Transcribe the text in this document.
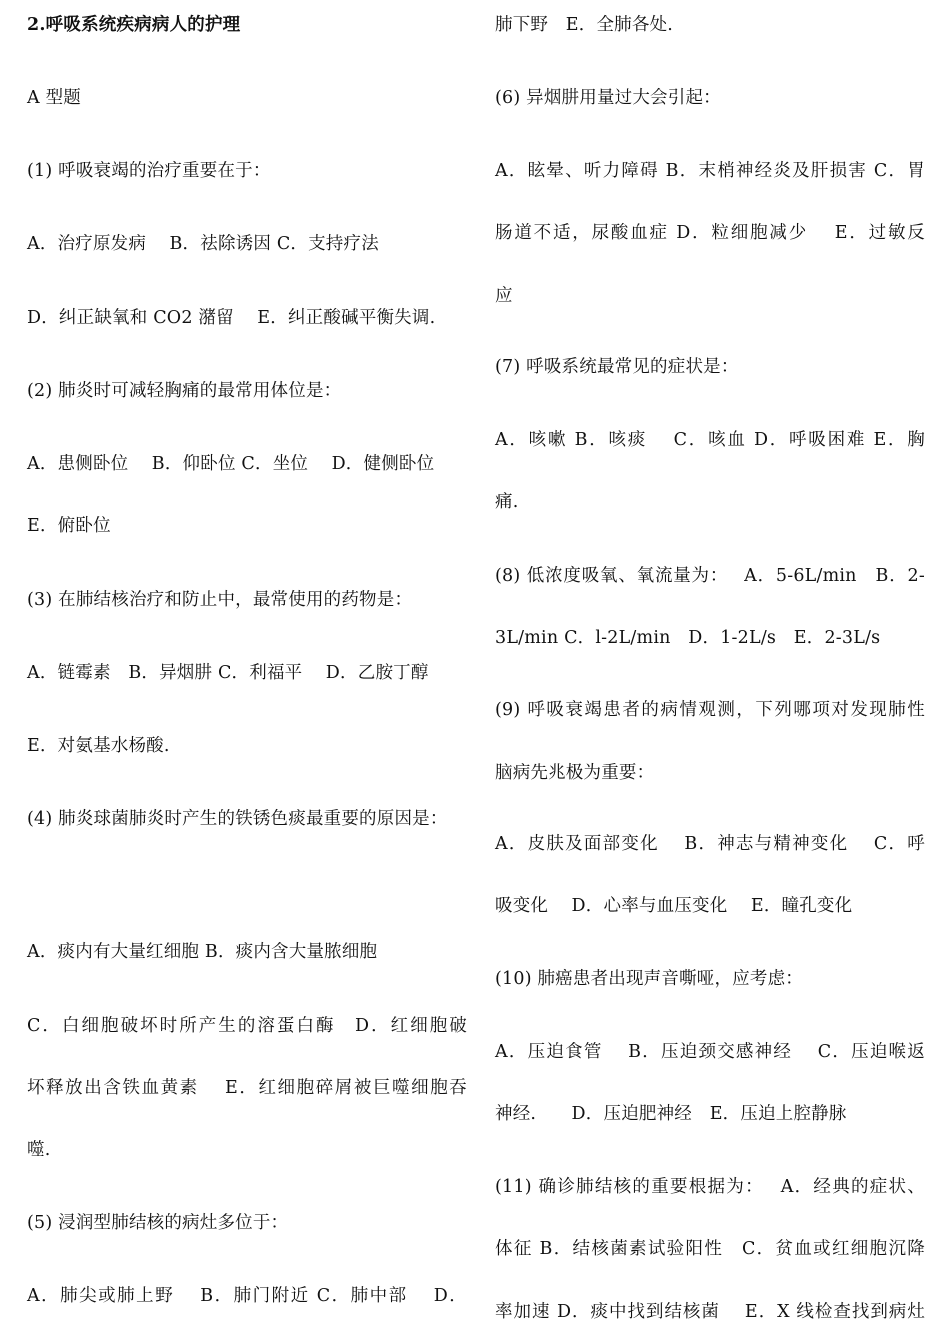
2.呼吸系统疾病病人的护理
A 型题
(1) 呼吸衰竭的治疗重要在于：
A．治疗原发病　 B．祛除诱因 C．支持疗法
D．纠正缺氧和 CO2 潴留　 E．纠正酸碱平衡失调.
(2) 肺炎时可减轻胸痛的最常用体位是：
A．患侧卧位　 B．仰卧位 C．坐位　 D．健侧卧位
E．俯卧位
(3) 在肺结核治疗和防止中，最常使用的药物是：
A．链霉素　B．异烟肼 C．利福平　 D．乙胺丁醇
E．对氨基水杨酸.
(4) 肺炎球菌肺炎时产生的铁锈色痰最重要的原因是：
A．痰内有大量红细胞 B．痰内含大量脓细胞
C．白细胞破坏时所产生的溶蛋白酶　D．红细胞破
坏释放出含铁血黄素　 E．红细胞碎屑被巨噬细胞吞
噬.
(5) 浸润型肺结核的病灶多位于：
A．肺尖或肺上野　 B．肺门附近 C．肺中部　 D．
肺下野　E．全肺各处.
(6) 异烟肼用量过大会引起：
A．眩晕、听力障碍 B．末梢神经炎及肝损害 C．胃
肠道不适，尿酸血症 D．粒细胞减少　 E．过敏反
应
(7) 呼吸系统最常见的症状是：
A．咳嗽 B．咳痰　 C．咳血 D．呼吸困难 E．胸
痛.
(8) 低浓度吸氧、氧流量为：　 A．5-6L/min　B．2-
3L/min C．l-2L/min　D．1-2L/s　E．2-3L/s
(9) 呼吸衰竭患者的病情观测，下列哪项对发现肺性
脑病先兆极为重要：
A．皮肤及面部变化　 B．神志与精神变化　 C．呼
吸变化　 D．心率与血压变化　 E．瞳孔变化
(10) 肺癌患者出现声音嘶哑，应考虑：
A．压迫食管　 B．压迫颈交感神经　 C．压迫喉返
神经.　　D．压迫肥神经　E．压迫上腔静脉
(11) 确诊肺结核的重要根据为：　 A．经典的症状、
体征 B．结核菌素试验阳性　C．贫血或红细胞沉降
率加速 D．痰中找到结核菌　 E．X 线检查找到病灶
